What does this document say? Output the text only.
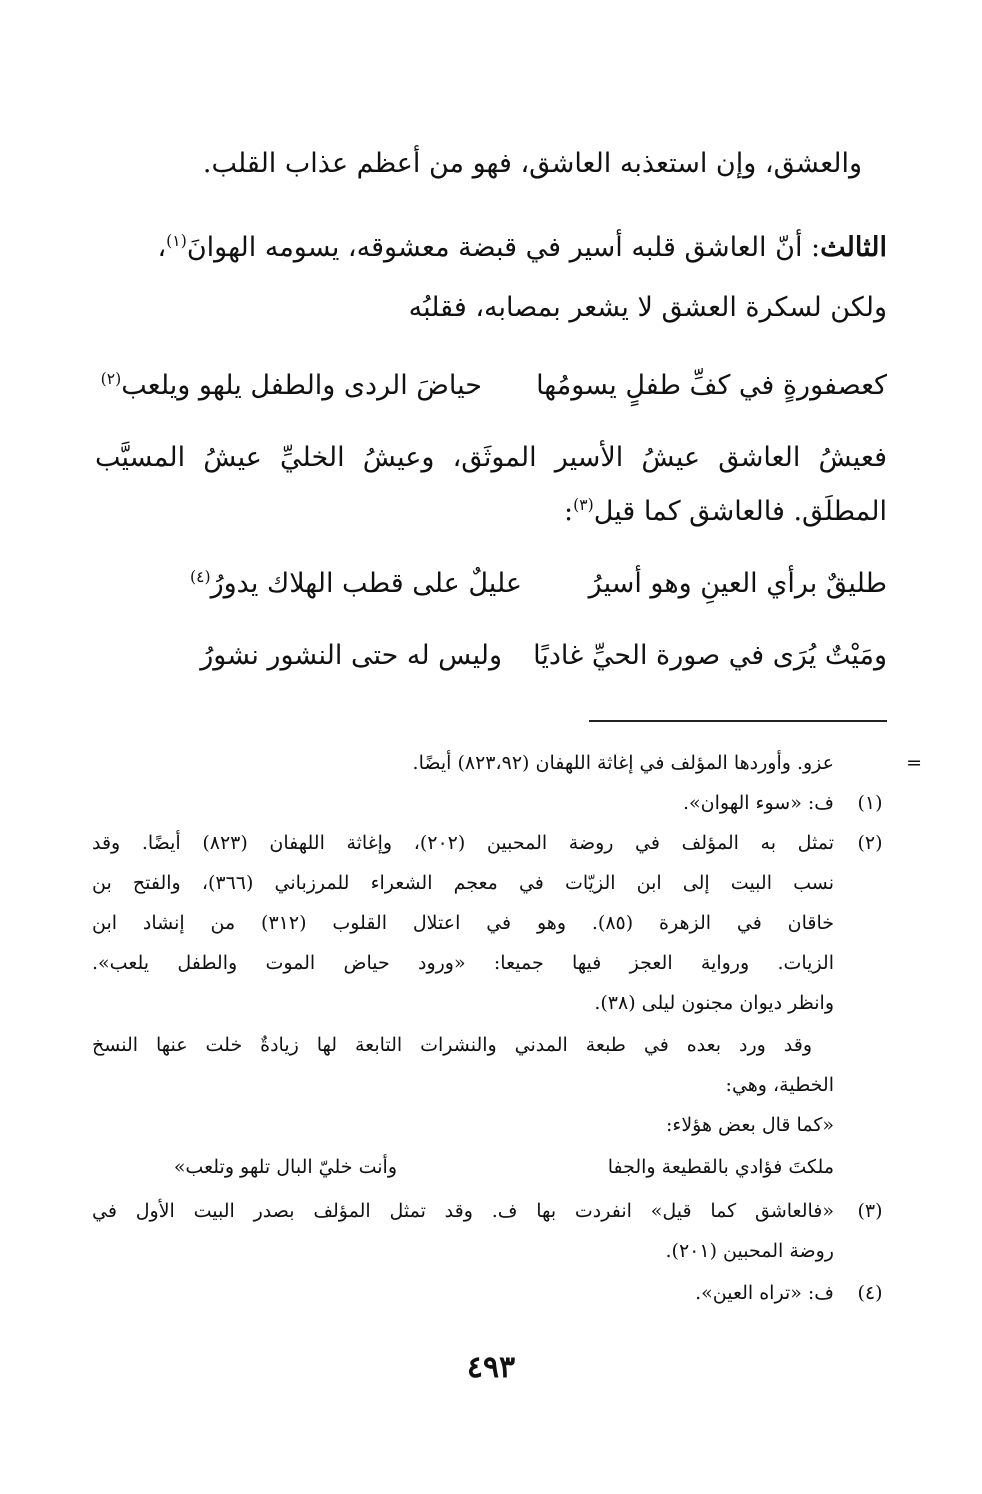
والعشق، وإن استعذبه العاشق، فهو من أعظم عذاب القلب.
الثالث: أنّ العاشق قلبه أسير في قبضة معشوقه، يسومه الهوانَ$^{(١)}$،
ولكن لسكرة العشق لا يشعر بمصابه، فقلبُه
كعصفورةٍ في كفِّ طفلٍ يسومُها
حياضَ الردى والطفل يلهو ويلعب$^{(٢)}$
فعيشُ العاشق عيشُ الأسير الموثَق، وعيشُ الخليِّ عيشُ المسيَّب
المطلَق. فالعاشق كما قيل$^{(٣)}$:
طليقٌ برأي العينِ وهو أسيرُ
عليلٌ على قطب الهلاك يدورُ$^{(٤)}$
ومَيْتٌ يُرَى في صورة الحيِّ غاديًا
وليس له حتى النشور نشورُ
=
عزو. وأوردها المؤلف في إغاثة اللهفان (٨٢٣،٩٢) أيضًا.
(١)
ف: «سوء الهوان».
(٢)
تمثل به المؤلف في روضة المحبين (٢٠٢)، وإغاثة اللهفان (٨٢٣) أيضًا. وقد
نسب البيت إلى ابن الزيّات في معجم الشعراء للمرزباني (٣٦٦)، والفتح بن
خاقان في الزهرة (٨٥). وهو في اعتلال القلوب (٣١٢) من إنشاد ابن
الزيات. ورواية العجز فيها جميعا: «ورود حياض الموت والطفل يلعب».
وانظر ديوان مجنون ليلى (٣٨).
وقد ورد بعده في طبعة المدني والنشرات التابعة لها زيادةٌ خلت عنها النسخ
الخطية، وهي:
«كما قال بعض هؤلاء:
ملكتَ فؤادي بالقطيعة والجفا
وأنت خليّ البال تلهو وتلعب»
(٣)
«فالعاشق كما قيل» انفردت بها ف. وقد تمثل المؤلف بصدر البيت الأول في
روضة المحبين (٢٠١).
(٤)
ف: «تراه العين».
٤٩٣
